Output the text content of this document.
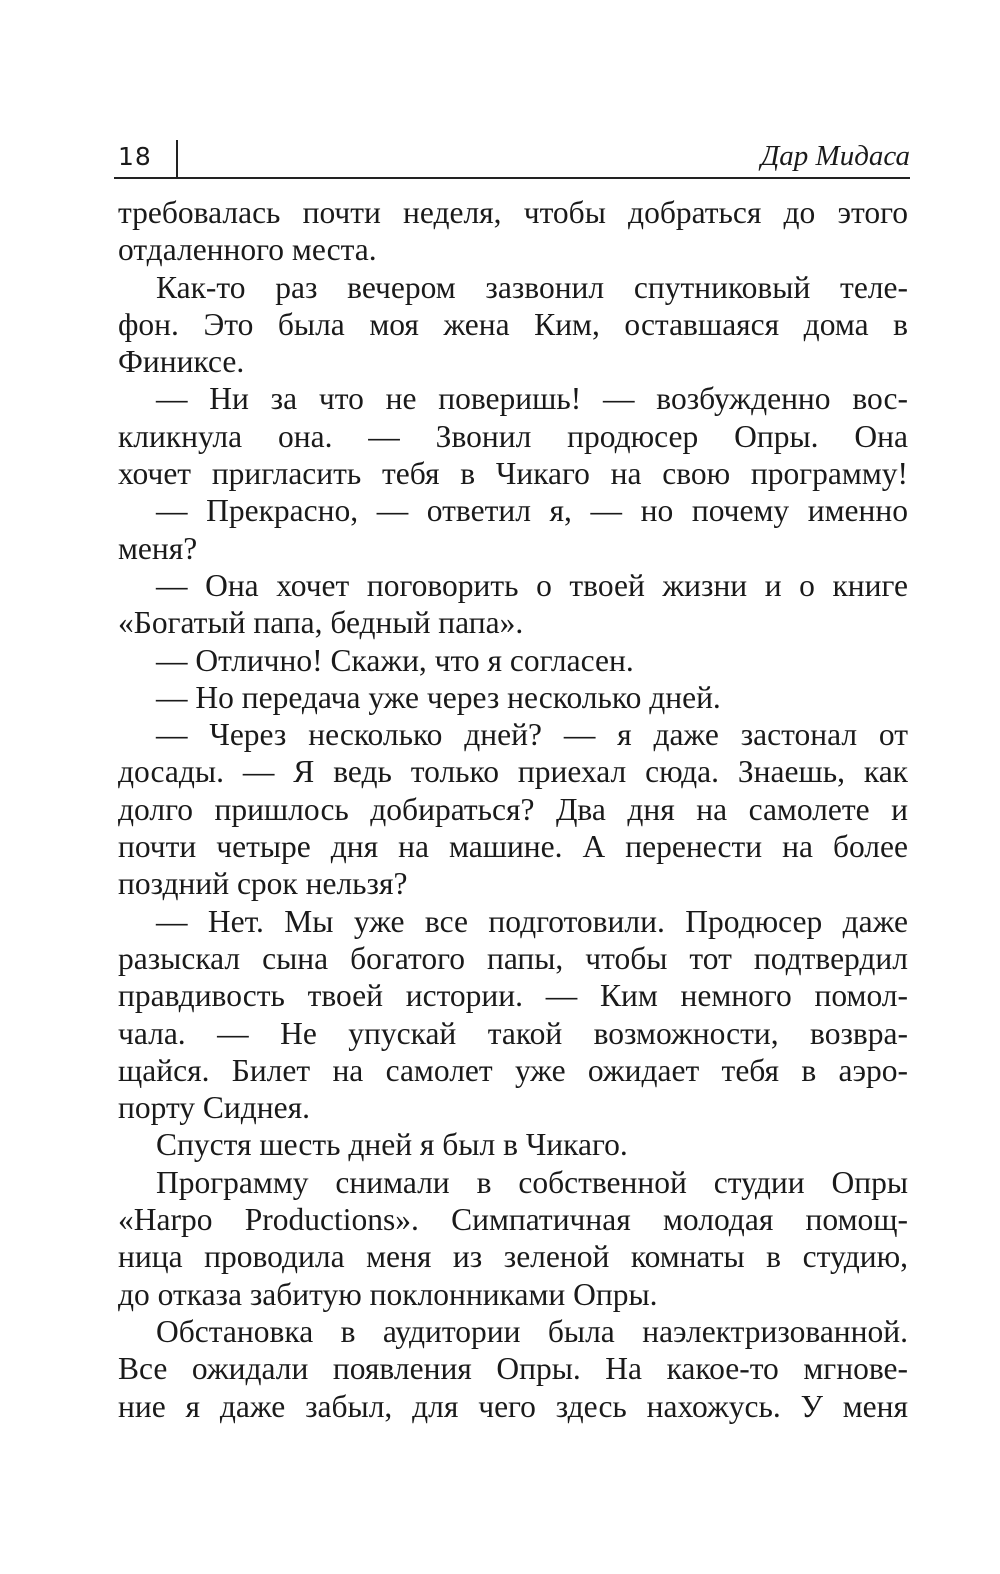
18	Дар Мидаса
требовалась почти неделя, чтобы добраться до этого
отдаленного места.
Как-то раз вечером зазвонил спутниковый теле-
фон. Это была моя жена Ким, оставшаяся дома в
Финиксе.
— Ни за что не поверишь! — возбужденно вос-
кликнула она. — Звонил продюсер Опры. Она
хочет пригласить тебя в Чикаго на свою программу!
— Прекрасно, — ответил я, — но почему именно
меня?
— Она хочет поговорить о твоей жизни и о книге
«Богатый папа, бедный папа».
— Отлично! Скажи, что я согласен.
— Но передача уже через несколько дней.
— Через несколько дней? — я даже застонал от
досады. — Я ведь только приехал сюда. Знаешь, как
долго пришлось добираться? Два дня на самолете и
почти четыре дня на машине. А перенести на более
поздний срок нельзя?
— Нет. Мы уже все подготовили. Продюсер даже
разыскал сына богатого папы, чтобы тот подтвердил
правдивость твоей истории. — Ким немного помол-
чала. — Не упускай такой возможности, возвра-
щайся. Билет на самолет уже ожидает тебя в аэро-
порту Сиднея.
Спустя шесть дней я был в Чикаго.
Программу снимали в собственной студии Опры
«Harpo Productions». Симпатичная молодая помощ-
ница проводила меня из зеленой комнаты в студию,
до отказа забитую поклонниками Опры.
Обстановка в аудитории была наэлектризованной.
Все ожидали появления Опры. На какое-то мгнове-
ние я даже забыл, для чего здесь нахожусь. У меня
